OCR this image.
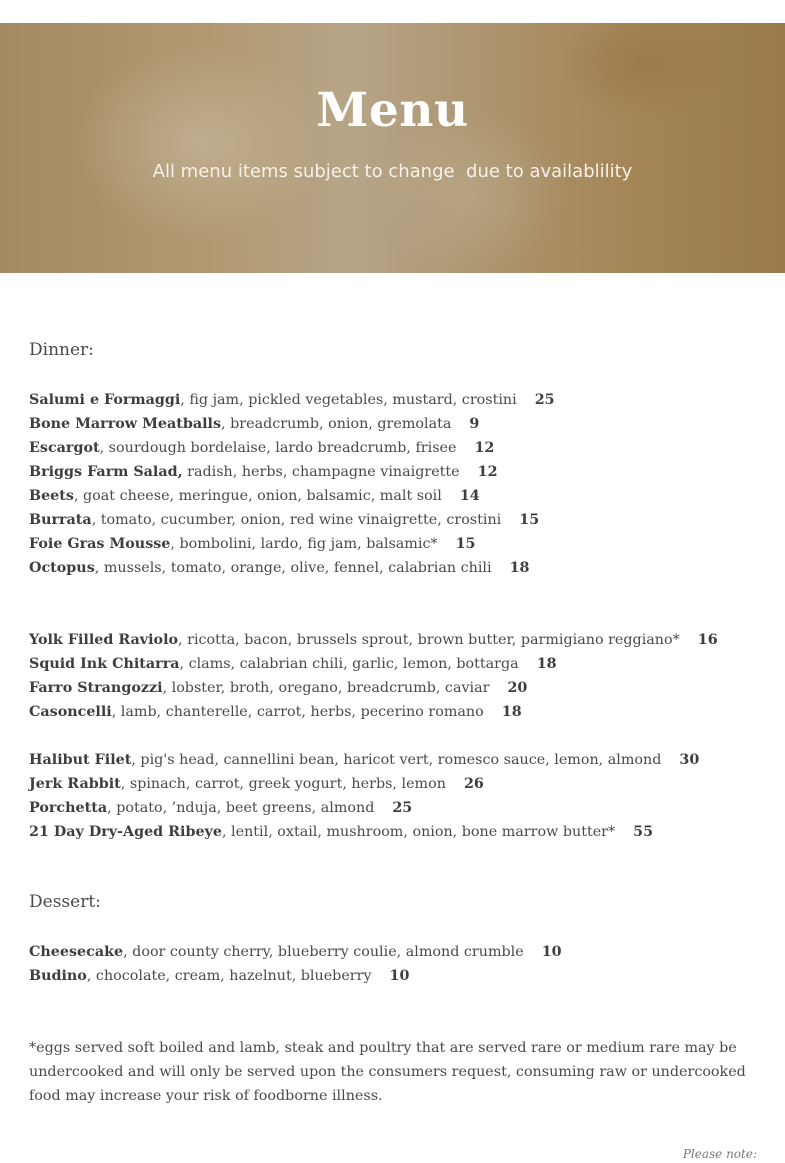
Menu
All menu items subject to change  due to availablility
Dinner:
Salumi e Formaggi, fig jam, pickled vegetables, mustard, crostini 25
Bone Marrow Meatballs, breadcrumb, onion, gremolata 9
Escargot, sourdough bordelaise, lardo breadcrumb, frisee 12
Briggs Farm Salad, radish, herbs, champagne vinaigrette 12
Beets, goat cheese, meringue, onion, balsamic, malt soil 14
Burrata, tomato, cucumber, onion, red wine vinaigrette, crostini 15
Foie Gras Mousse, bombolini, lardo, fig jam, balsamic* 15
Octopus, mussels, tomato, orange, olive, fennel, calabrian chili 18
Yolk Filled Raviolo, ricotta, bacon, brussels sprout, brown butter, parmigiano reggiano* 16
Squid Ink Chitarra, clams, calabrian chili, garlic, lemon, bottarga 18
Farro Strangozzi, lobster, broth, oregano, breadcrumb, caviar 20
Casoncelli, lamb, chanterelle, carrot, herbs, pecerino romano 18
Halibut Filet, pig's head, cannellini bean, haricot vert, romesco sauce, lemon, almond 30
Jerk Rabbit, spinach, carrot, greek yogurt, herbs, lemon 26
Porchetta, potato, ’nduja, beet greens, almond 25
21 Day Dry-Aged Ribeye, lentil, oxtail, mushroom, onion, bone marrow butter* 55
Dessert:
Cheesecake, door county cherry, blueberry coulie, almond crumble 10
Budino, chocolate, cream, hazelnut, blueberry 10
*eggs served soft boiled and lamb, steak and poultry that are served rare or medium rare may be undercooked and will only be served upon the consumers request, consuming raw or undercooked food may increase your risk of foodborne illness.
Please note:
